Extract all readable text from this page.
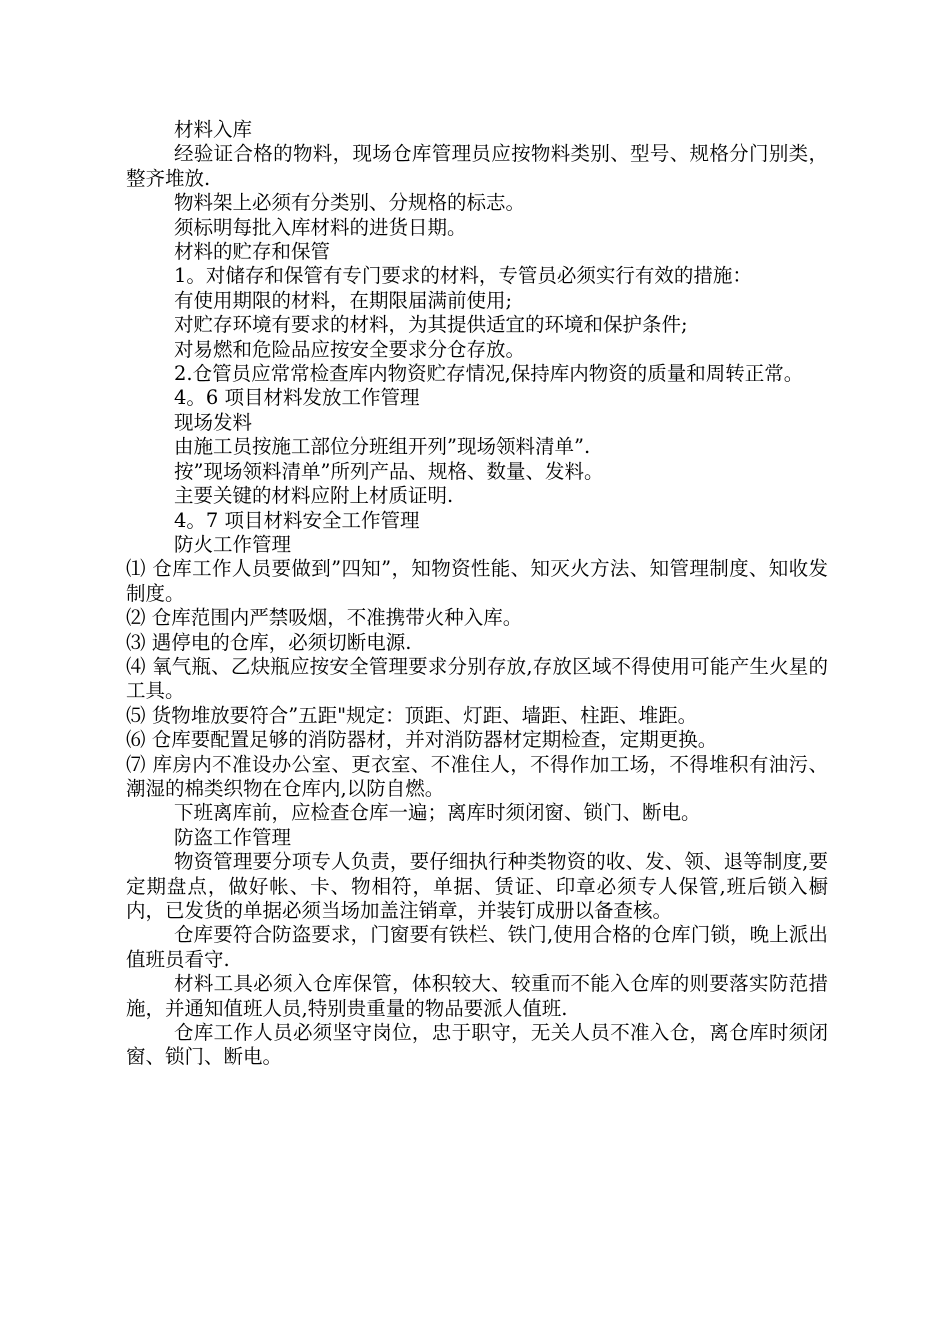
材料入库

经验证合格的物料，现场仓库管理员应按物料类别、型号、规格分门别类，整齐堆放.

物料架上必须有分类别、分规格的标志。

须标明每批入库材料的进货日期。

材料的贮存和保管

1。对储存和保管有专门要求的材料，专管员必须实行有效的措施：

有使用期限的材料，在期限届满前使用;

对贮存环境有要求的材料，为其提供适宜的环境和保护条件;

对易燃和危险品应按安全要求分仓存放。

2.仓管员应常常检查库内物资贮存情况,保持库内物资的质量和周转正常。

4。6 项目材料发放工作管理

现场发料

由施工员按施工部位分班组开列”现场领料清单”.

按”现场领料清单”所列产品、规格、数量、发料。

主要关键的材料应附上材质证明.

4。7 项目材料安全工作管理

防火工作管理

⑴ 仓库工作人员要做到”四知”，知物资性能、知灭火方法、知管理制度、知收发制度。

⑵ 仓库范围内严禁吸烟，不准携带火种入库。

⑶ 遇停电的仓库，必须切断电源.

⑷ 氧气瓶、乙炔瓶应按安全管理要求分别存放,存放区域不得使用可能产生火星的工具。

⑸ 货物堆放要符合”五距"规定：顶距、灯距、墙距、柱距、堆距。

⑹ 仓库要配置足够的消防器材，并对消防器材定期检查，定期更换。

⑺ 库房内不准设办公室、更衣室、不准住人，不得作加工场，不得堆积有油污、潮湿的棉类织物在仓库内,以防自燃。

下班离库前，应检查仓库一遍；离库时须闭窗、锁门、断电。

防盗工作管理

物资管理要分项专人负责，要仔细执行种类物资的收、发、领、退等制度,要定期盘点，做好帐、卡、物相符，单据、赁证、印章必须专人保管,班后锁入橱内，已发货的单据必须当场加盖注销章，并装钉成册以备查核。

仓库要符合防盗要求，门窗要有铁栏、铁门,使用合格的仓库门锁，晚上派出值班员看守.

材料工具必须入仓库保管，体积较大、较重而不能入仓库的则要落实防范措施，并通知值班人员,特别贵重量的物品要派人值班.

仓库工作人员必须坚守岗位，忠于职守，无关人员不准入仓，离仓库时须闭窗、锁门、断电。
